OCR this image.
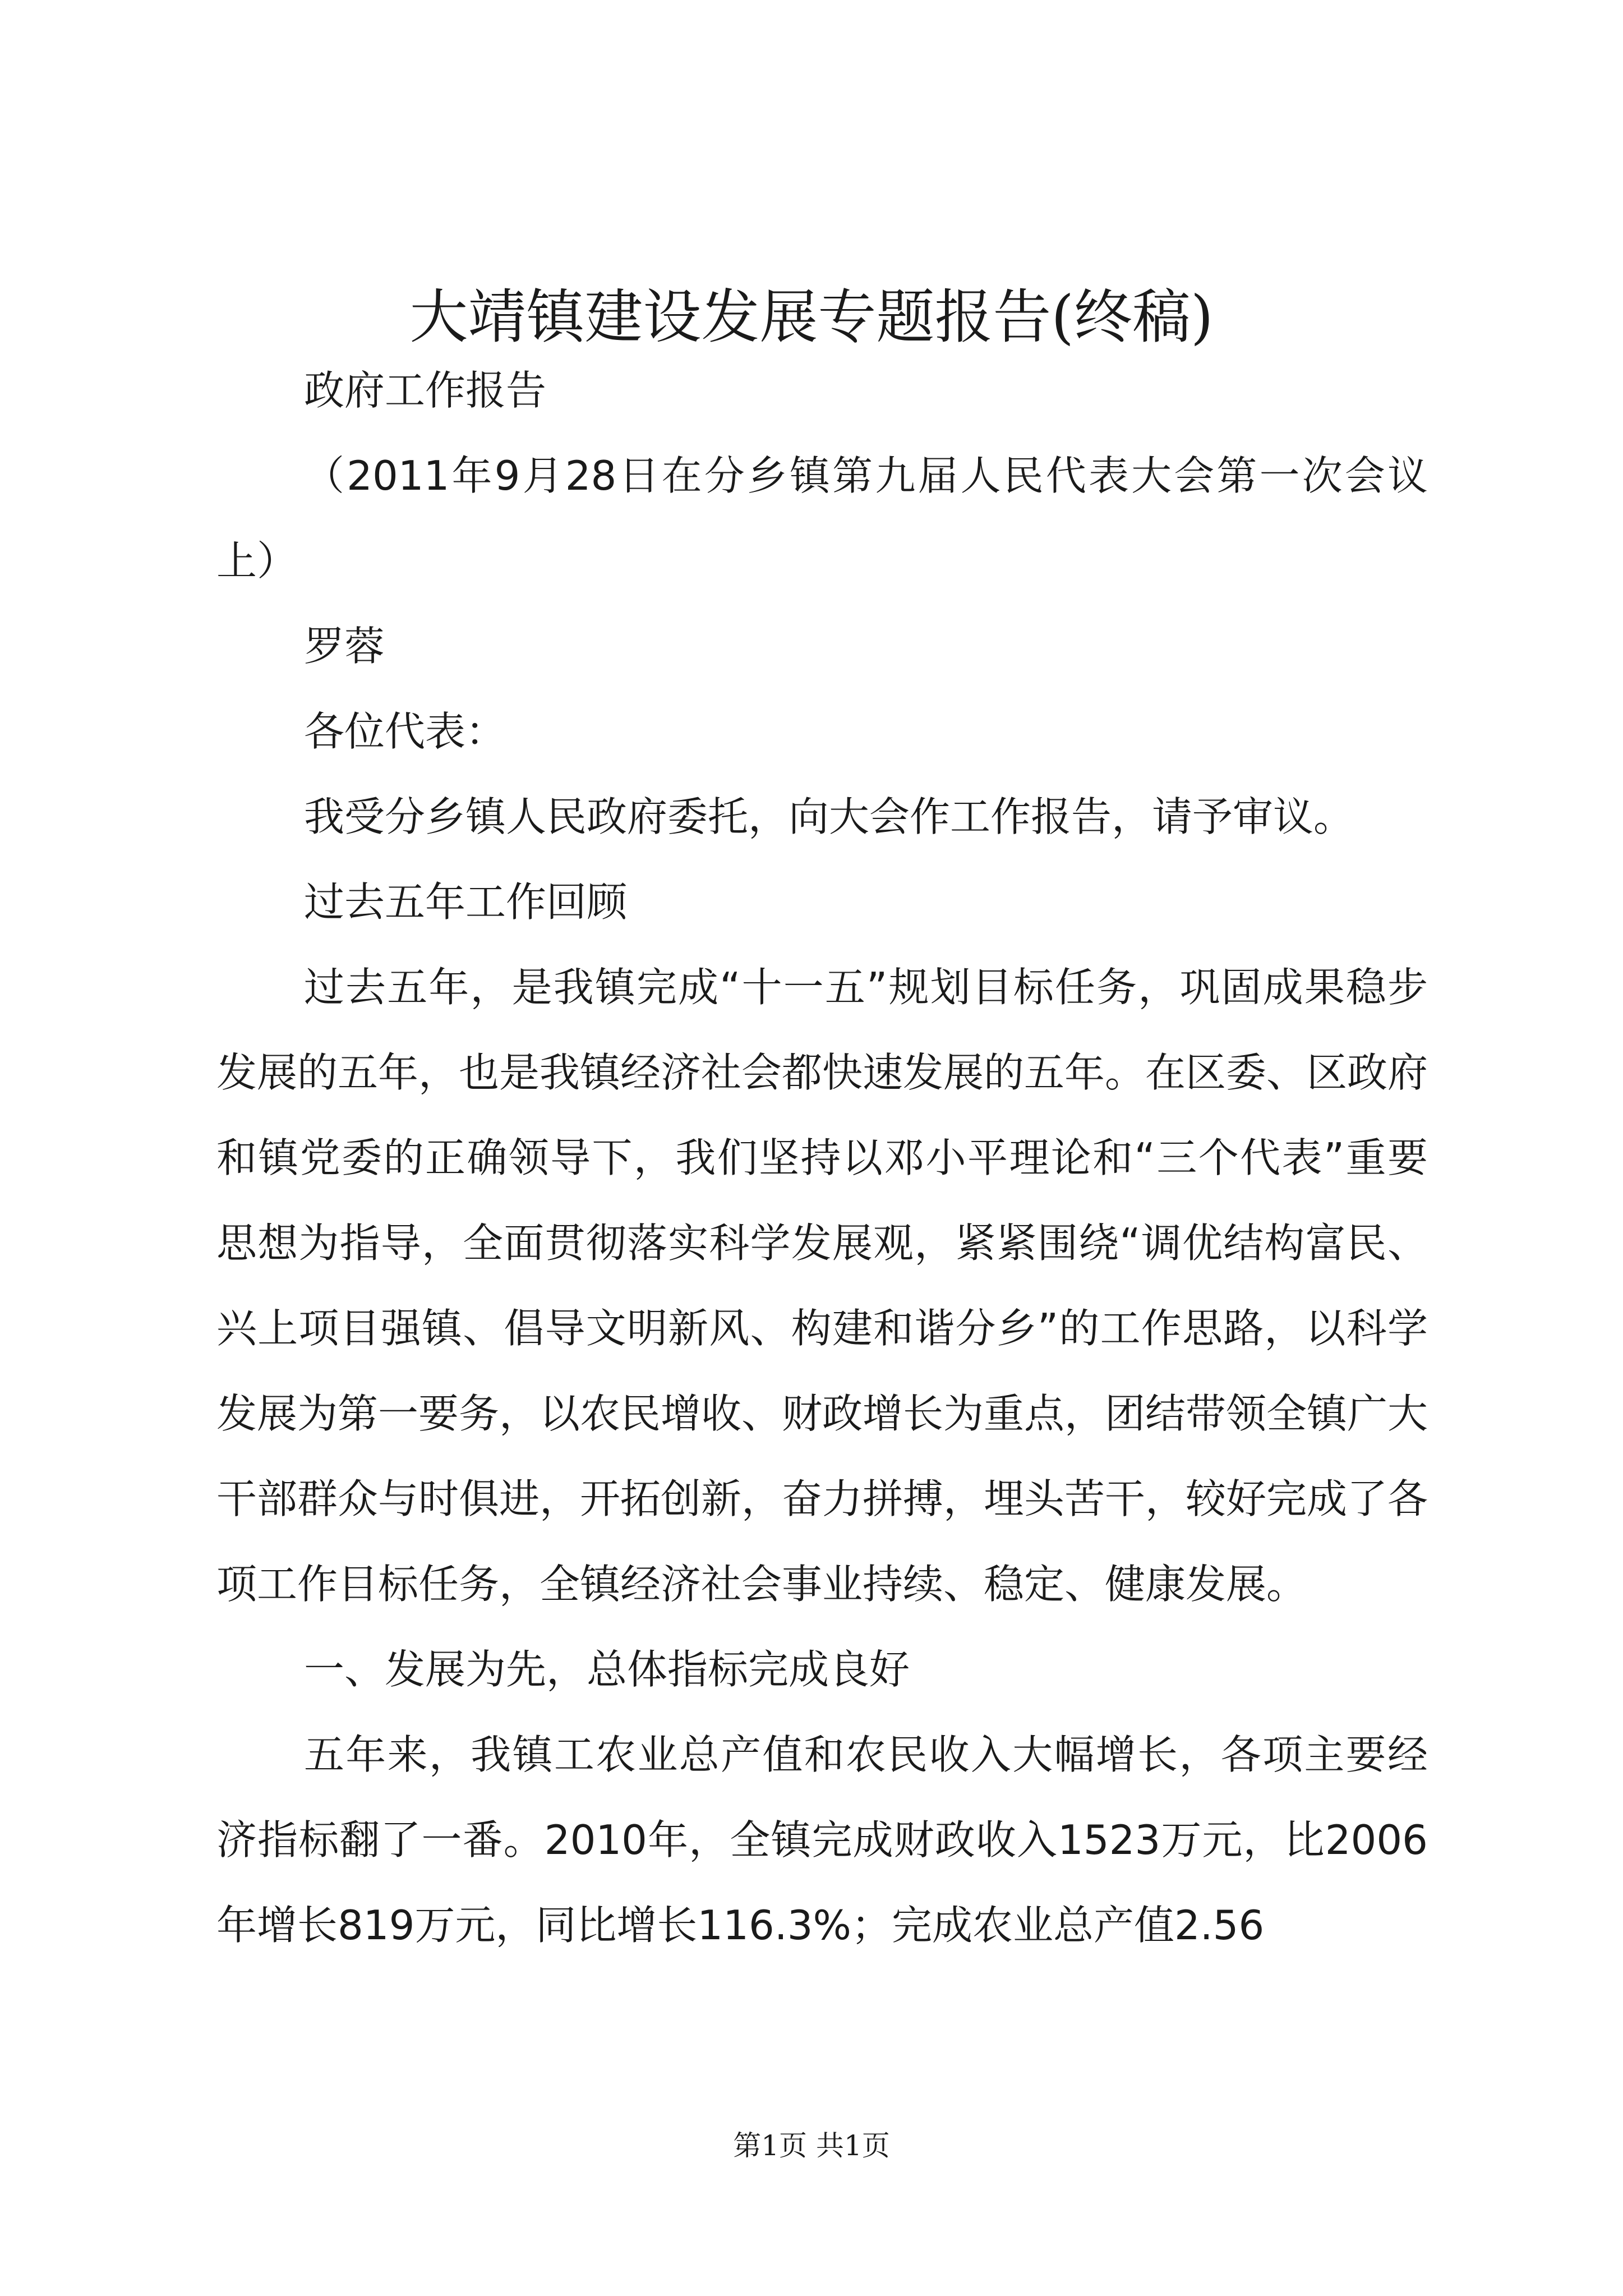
大靖镇建设发展专题报告(终稿)

政府工作报告

（2011年9月28日在分乡镇第九届人民代表大会第一次会议上）

罗蓉

各位代表：

我受分乡镇人民政府委托，向大会作工作报告，请予审议。

过去五年工作回顾

过去五年，是我镇完成“十一五”规划目标任务，巩固成果稳步发展的五年，也是我镇经济社会都快速发展的五年。在区委、区政府和镇党委的正确领导下，我们坚持以邓小平理论和“三个代表”重要思想为指导，全面贯彻落实科学发展观，紧紧围绕“调优结构富民、兴上项目强镇、倡导文明新风、构建和谐分乡”的工作思路，以科学发展为第一要务，以农民增收、财政增长为重点，团结带领全镇广大干部群众与时俱进，开拓创新，奋力拼搏，埋头苦干，较好完成了各项工作目标任务，全镇经济社会事业持续、稳定、健康发展。

一、发展为先，总体指标完成良好

五年来，我镇工农业总产值和农民收入大幅增长，各项主要经济指标翻了一番。2010年，全镇完成财政收入1523万元，比2006年增长819万元，同比增长116.3%；完成农业总产值2.56

第1页 共1页
